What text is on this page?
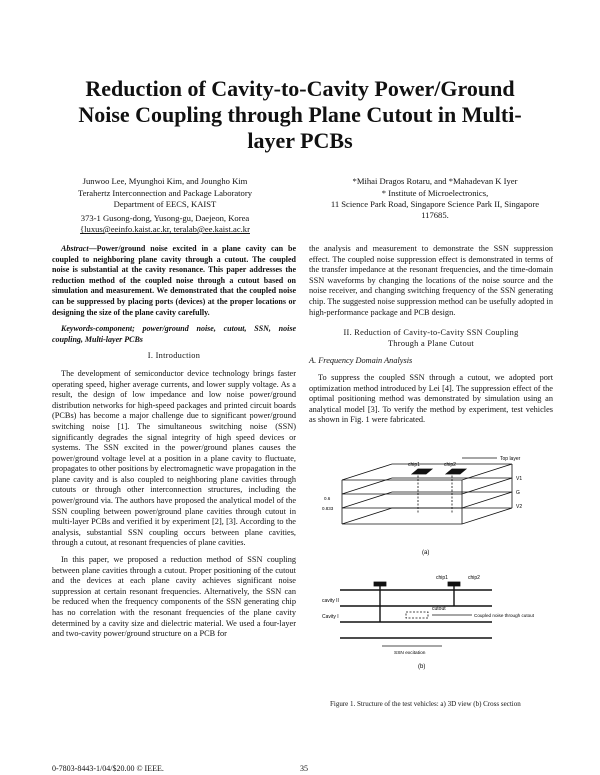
Reduction of Cavity-to-Cavity Power/Ground
Noise Coupling through Plane Cutout in Multi-
layer PCBs
Junwoo Lee, Myunghoi Kim, and Joungho Kim
Terahertz Interconnection and Package Laboratory
Department of EECS, KAIST
373-1 Gusong-dong, Yusong-gu, Daejeon, Korea
{luxus@eeinfo.kaist.ac.kr, teralab@ee.kaist.ac.kr
*Mihai Dragos Rotaru, and *Mahadevan K Iyer
* Institute of Microelectronics,
11 Science Park Road, Singapore Science Park II, Singapore
117685.

Abstract—Power/ground noise excited in a plane cavity can be coupled to neighboring plane cavity through a cutout. The coupled noise is substantial at the cavity resonance. This paper addresses the reduction method of the coupled noise through a cutout based on simulation and measurement. We demonstrated that the coupled noise can be suppressed by placing ports (devices) at the proper locations or designing the size of the plane cavity carefully.

Keywords-component; power/ground noise, cutout, SSN, noise coupling, Multi-layer PCBs

I. Introduction

The development of semiconductor device technology brings faster operating speed, higher average currents, and lower supply voltage. As a result, the design of low impedance and low noise power/ground distribution networks for high-speed packages and printed circuit boards (PCBs) has become a major challenge due to significant power/ground switching noise [1]. The simultaneous switching noise (SSN) significantly degrades the signal integrity of high speed devices or systems. The SSN excited in the power/ground planes causes the power/ground voltage level at a position in a plane cavity to fluctuate, propagates to other positions by electromagnetic wave propagation in the plane cavity and is also coupled to neighboring plane cavities through cutouts or through other interconnection structures, including the power/ground via. The authors have proposed the analytical model of the SSN coupling between power/ground plane cavities through cutout in multi-layer PCBs and verified it by experiment [2], [3]. According to the analysis, substantial SSN coupling occurs between plane cavities, through a cutout, at resonant frequencies of plane cavities.

In this paper, we proposed a reduction method of SSN coupling between plane cavities through a cutout. Proper positioning of the cutout and the devices at each plane cavity achieves significant noise suppression at certain resonant frequencies. Alternatively, the SSN can be reduced when the frequency components of the SSN generating chip has no correlation with the resonant frequencies of the plane cavity determined by a cavity size and dielectric material. We used a four-layer and two-cavity power/ground structure on a PCB for

the analysis and measurement to demonstrate the SSN suppression effect. The coupled noise suppression effect is demonstrated in terms of the transfer impedance at the resonant frequencies, and the time-domain SSN waveforms by changing the locations of the noise source and the noise receiver, and changing switching frequency of the SSN generating chip. The suggested noise suppression method can be usefully adopted in high-performance package and PCB design.

II. Reduction of Cavity-to-Cavity SSN Coupling Through a Plane Cutout
A. Frequency Domain Analysis

To suppress the coupled SSN through a cutout, we adopted port optimization method introduced by Lei [4]. The suppression effect of the optimal positioning method was demonstrated by simulation using an analytical model [3]. To verify the method by experiment, test vehicles as shown in Fig. 1 were fabricated.

Top layer
chip1	chip2
V1
G
V2
0.6
0.833
(a)
chip1	chip2
cavity II
Cavity I
cutout
Coupled noise through cutout
SSN excitation
(b)
Figure 1. Structure of the test vehicles: a) 3D view (b) Cross section
0-7803-8443-1/04/$20.00 © IEEE.	35
